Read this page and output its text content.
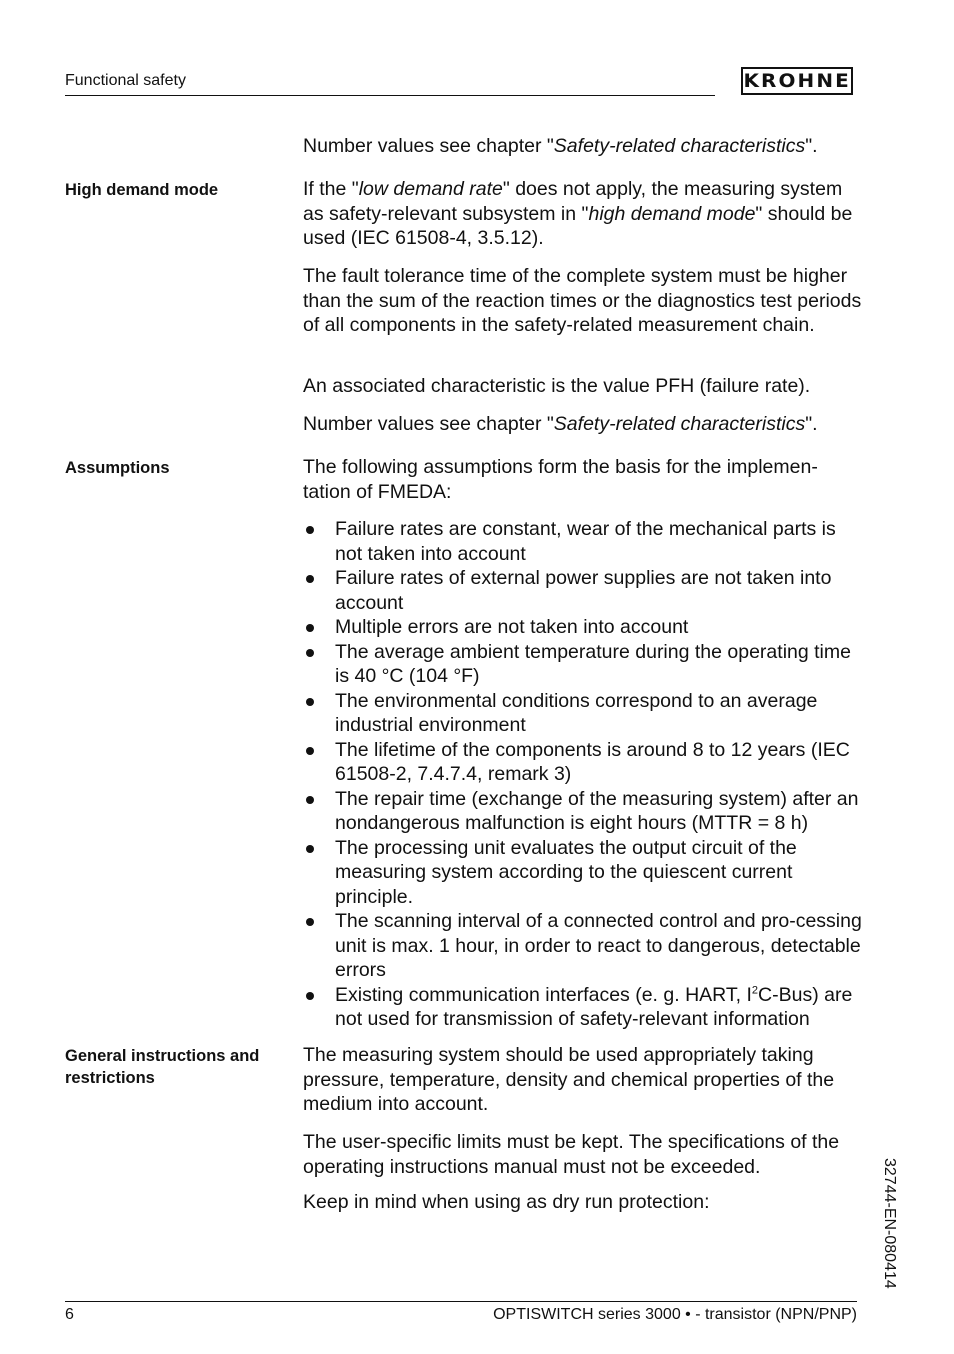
Functional safety	KROHNE
Number values see chapter "Safety-related characteristics".
High demand mode	If the "low demand rate" does not apply, the measuring system as safety-relevant subsystem in "high demand mode" should be used (IEC 61508-4, 3.5.12).
The fault tolerance time of the complete system must be higher than the sum of the reaction times or the diagnostics test periods of all components in the safety-related measurement chain.
An associated characteristic is the value PFH (failure rate).
Number values see chapter "Safety-related characteristics".
Assumptions	The following assumptions form the basis for the implemen-tation of FMEDA:
Failure rates are constant, wear of the mechanical parts is not taken into account
Failure rates of external power supplies are not taken into account
Multiple errors are not taken into account
The average ambient temperature during the operating time is 40 °C (104 °F)
The environmental conditions correspond to an average industrial environment
The lifetime of the components is around 8 to 12 years (IEC 61508-2, 7.4.7.4, remark 3)
The repair time (exchange of the measuring system) after an nondangerous malfunction is eight hours (MTTR = 8 h)
The processing unit evaluates the output circuit of the measuring system according to the quiescent current principle.
The scanning interval of a connected control and pro-cessing unit is max. 1 hour, in order to react to dangerous, detectable errors
Existing communication interfaces (e. g. HART, $I^2C-Bus$) are not used for transmission of safety-relevant information
General instructions and restrictions
The measuring system should be used appropriately taking pressure, temperature, density and chemical properties of the medium into account.
The user-specific limits must be kept. The specifications of the operating instructions manual must not be exceeded.
Keep in mind when using as dry run protection:	32744-EN-080414
6	OPTISWITCH series 3000 • - transistor (NPN/PNP)
